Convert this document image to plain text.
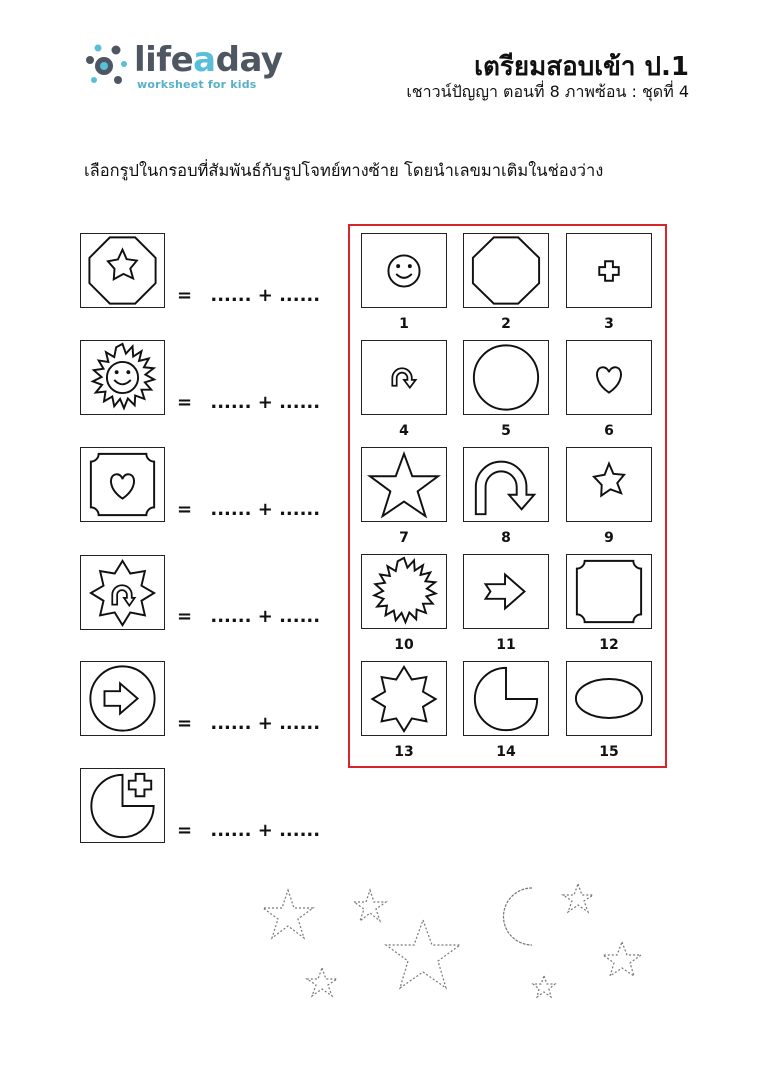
lifeaday
worksheet for kids
เตรียมสอบเข้า ป.1
เชาวน์ปัญญา ตอนที่ 8 ภาพซ้อน : ชุดที่ 4
เลือกรูปในกรอบที่สัมพันธ์กับรูปโจทย์ทางซ้าย โดยนำเลขมาเติมในช่องว่าง
= ...... + ......
= ...... + ......
= ...... + ......
= ...... + ......
= ...... + ......
= ...... + ......
1	2	3
4	5	6
7	8	9
10	11	12
13	14	15
